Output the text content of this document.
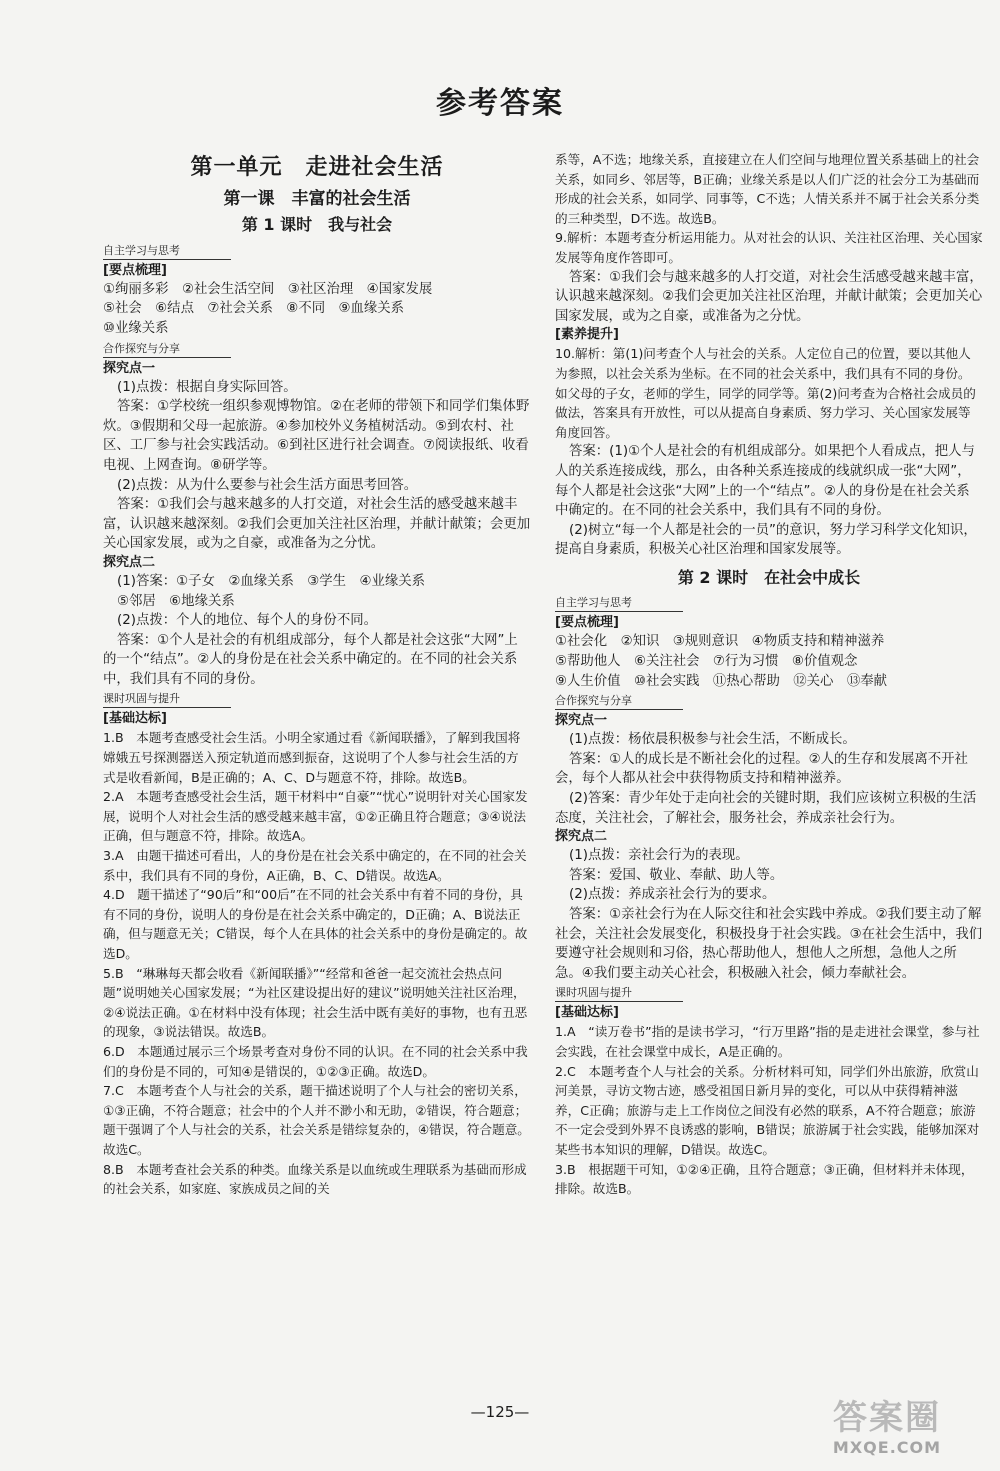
参考答案
第一单元　走进社会生活
第一课　丰富的社会生活
第 1 课时　我与社会
自主学习与思考
[要点梳理]

①绚丽多彩　②社会生活空间　③社区治理　④国家发展

⑤社会　⑥结点　⑦社会关系　⑧不同　⑨血缘关系

⑩业缘关系

合作探究与分享
探究点一

(1)点拨：根据自身实际回答。

答案：①学校统一组织参观博物馆。②在老师的带领下和同学们集体野炊。③假期和父母一起旅游。④参加校外义务植树活动。⑤到农村、社区、工厂参与社会实践活动。⑥到社区进行社会调查。⑦阅读报纸、收看电视、上网查询。⑧研学等。

(2)点拨：从为什么要参与社会生活方面思考回答。

答案：①我们会与越来越多的人打交道，对社会生活的感受越来越丰富，认识越来越深刻。②我们会更加关注社区治理，并献计献策；会更加关心国家发展，或为之自豪，或准备为之分忧。

探究点二

(1)答案：①子女　②血缘关系　③学生　④业缘关系

⑤邻居　⑥地缘关系

(2)点拨：个人的地位、每个人的身份不同。

答案：①个人是社会的有机组成部分，每个人都是社会这张“大网”上的一个“结点”。②人的身份是在社会关系中确定的。在不同的社会关系中，我们具有不同的身份。

课时巩固与提升
[基础达标]

1.B　本题考查感受社会生活。小明全家通过看《新闻联播》，了解到我国将嫦娥五号探测器送入预定轨道而感到振奋，这说明了个人参与社会生活的方式是收看新闻，B是正确的；A、C、D与题意不符，排除。故选B。

2.A　本题考查感受社会生活，题干材料中“自豪”“忧心”说明针对关心国家发展，说明个人对社会生活的感受越来越丰富，①②正确且符合题意；③④说法正确，但与题意不符，排除。故选A。

3.A　由题干描述可看出，人的身份是在社会关系中确定的，在不同的社会关系中，我们具有不同的身份，A正确，B、C、D错误。故选A。

4.D　题干描述了“90后”和“00后”在不同的社会关系中有着不同的身份，具有不同的身份，说明人的身份是在社会关系中确定的，D正确；A、B说法正确，但与题意无关；C错误，每个人在具体的社会关系中的身份是确定的。故选D。

5.B　“琳琳每天都会收看《新闻联播》”“经常和爸爸一起交流社会热点问题”说明她关心国家发展；“为社区建设提出好的建议”说明她关注社区治理，②④说法正确。①在材料中没有体现；社会生活中既有美好的事物，也有丑恶的现象，③说法错误。故选B。

6.D　本题通过展示三个场景考查对身份不同的认识。在不同的社会关系中我们的身份是不同的，可知④是错误的，①②③正确。故选D。

7.C　本题考查个人与社会的关系，题干描述说明了个人与社会的密切关系，①③正确，不符合题意；社会中的个人并不渺小和无助，②错误，符合题意；题干强调了个人与社会的关系，社会关系是错综复杂的，④错误，符合题意。故选C。

8.B　本题考查社会关系的种类。血缘关系是以血统或生理联系为基础而形成的社会关系，如家庭、家族成员之间的关

系等，A不选；地缘关系，直接建立在人们空间与地理位置关系基础上的社会关系，如同乡、邻居等，B正确；业缘关系是以人们广泛的社会分工为基础而形成的社会关系，如同学、同事等，C不选；人情关系并不属于社会关系分类的三种类型，D不选。故选B。

9.解析：本题考查分析运用能力。从对社会的认识、关注社区治理、关心国家发展等角度作答即可。

答案：①我们会与越来越多的人打交道，对社会生活感受越来越丰富，认识越来越深刻。②我们会更加关注社区治理，并献计献策；会更加关心国家发展，或为之自豪，或准备为之分忧。

[素养提升]

10.解析：第(1)问考查个人与社会的关系。人定位自己的位置，要以其他人为参照，以社会关系为坐标。在不同的社会关系中，我们具有不同的身份。如父母的子女，老师的学生，同学的同学等。第(2)问考查为合格社会成员的做法，答案具有开放性，可以从提高自身素质、努力学习、关心国家发展等角度回答。

答案：(1)①个人是社会的有机组成部分。如果把个人看成点，把人与人的关系连接成线，那么，由各种关系连接成的线就织成一张“大网”，每个人都是社会这张“大网”上的一个“结点”。②人的身份是在社会关系中确定的。在不同的社会关系中，我们具有不同的身份。

(2)树立“每一个人都是社会的一员”的意识，努力学习科学文化知识，提高自身素质，积极关心社区治理和国家发展等。

第 2 课时　在社会中成长
自主学习与思考
[要点梳理]

①社会化　②知识　③规则意识　④物质支持和精神滋养

⑤帮助他人　⑥关注社会　⑦行为习惯　⑧价值观念

⑨人生价值　⑩社会实践　⑪热心帮助　⑫关心　⑬奉献

合作探究与分享
探究点一

(1)点拨：杨依晨积极参与社会生活，不断成长。

答案：①人的成长是不断社会化的过程。②人的生存和发展离不开社会，每个人都从社会中获得物质支持和精神滋养。

(2)答案：青少年处于走向社会的关键时期，我们应该树立积极的生活态度，关注社会，了解社会，服务社会，养成亲社会行为。

探究点二

(1)点拨：亲社会行为的表现。

答案：爱国、敬业、奉献、助人等。

(2)点拨：养成亲社会行为的要求。

答案：①亲社会行为在人际交往和社会实践中养成。②我们要主动了解社会，关注社会发展变化，积极投身于社会实践。③在社会生活中，我们要遵守社会规则和习俗，热心帮助他人，想他人之所想，急他人之所急。④我们要主动关心社会，积极融入社会，倾力奉献社会。

课时巩固与提升
[基础达标]

1.A　“读万卷书”指的是读书学习，“行万里路”指的是走进社会课堂，参与社会实践，在社会课堂中成长，A是正确的。

2.C　本题考查个人与社会的关系。分析材料可知，同学们外出旅游，欣赏山河美景，寻访文物古迹，感受祖国日新月异的变化，可以从中获得精神滋养，C正确；旅游与走上工作岗位之间没有必然的联系，A不符合题意；旅游不一定会受到外界不良诱惑的影响，B错误；旅游属于社会实践，能够加深对某些书本知识的理解，D错误。故选C。

3.B　根据题干可知，①②④正确，且符合题意；③正确，但材料并未体现，排除。故选B。

—125—	答案圈
MXQE.COM
